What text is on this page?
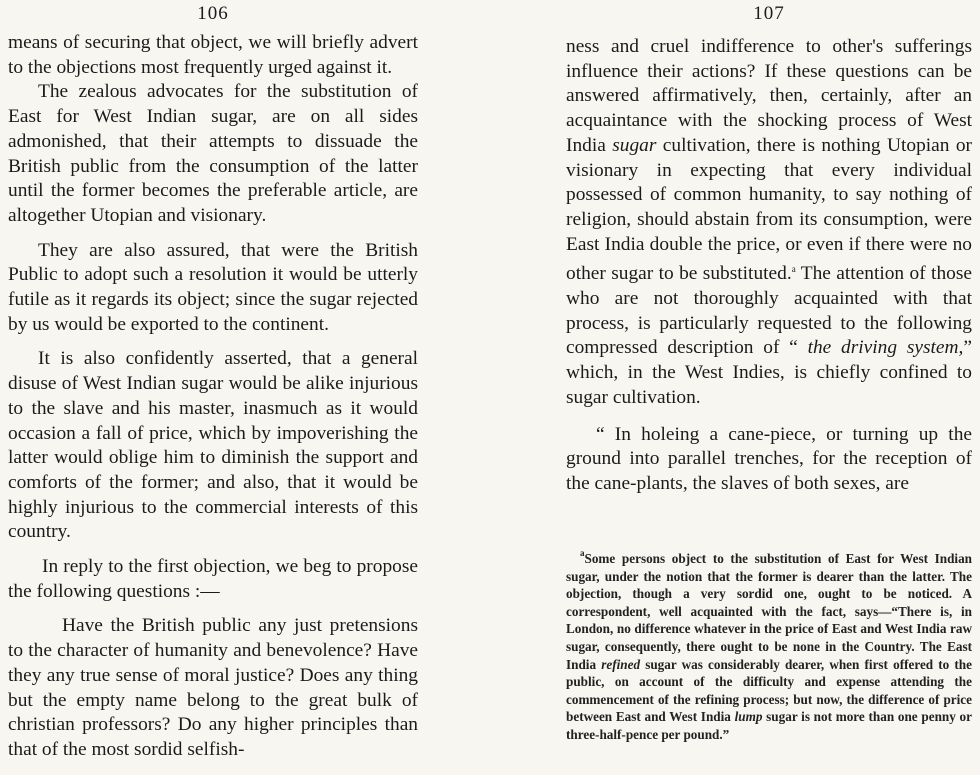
106

means of securing that object, we will briefly advert to the objections most frequently urged against it.

The zealous advocates for the substitution of East for West Indian sugar, are on all sides admonished, that their attempts to dissuade the British public from the consumption of the latter until the former becomes the preferable article, are altogether Utopian and visionary.

They are also assured, that were the British Public to adopt such a resolution it would be utterly futile as it regards its object; since the sugar rejected by us would be exported to the continent.

It is also confidently asserted, that a general disuse of West Indian sugar would be alike injurious to the slave and his master, inasmuch as it would occasion a fall of price, which by impoverishing the latter would oblige him to diminish the support and comforts of the former; and also, that it would be highly injurious to the commercial interests of this country.

In reply to the first objection, we beg to propose the following questions :—

Have the British public any just pretensions to the character of humanity and benevolence? Have they any true sense of moral justice? Does any thing but the empty name belong to the great bulk of christian professors? Do any higher principles than that of the most sordid selfish-

107

ness and cruel indifference to other's sufferings influence their actions? If these questions can be answered affirmatively, then, certainly, after an acquaintance with the shocking process of West India sugar cultivation, there is nothing Utopian or visionary in expecting that every individual possessed of common humanity, to say nothing of religion, should abstain from its consumption, were East India double the price, or even if there were no other sugar to be substituted.$^a$ The attention of those who are not thoroughly acquainted with that process, is particularly requested to the following compressed description of “ the driving system,” which, in the West Indies, is chiefly confined to sugar cultivation.

“ In holeing a cane-piece, or turning up the ground into parallel trenches, for the reception of the cane-plants, the slaves of both sexes, are

$^a$Some persons object to the substitution of East for West Indian sugar, under the notion that the former is dearer than the latter. The objection, though a very sordid one, ought to be noticed. A correspondent, well acquainted with the fact, says—“There is, in London, no difference whatever in the price of East and West India raw sugar, consequently, there ought to be none in the Country. The East India refined sugar was considerably dearer, when first offered to the public, on account of the difficulty and expense attending the commencement of the refining process; but now, the difference of price between East and West India lump sugar is not more than one penny or three-half-pence per pound.”
